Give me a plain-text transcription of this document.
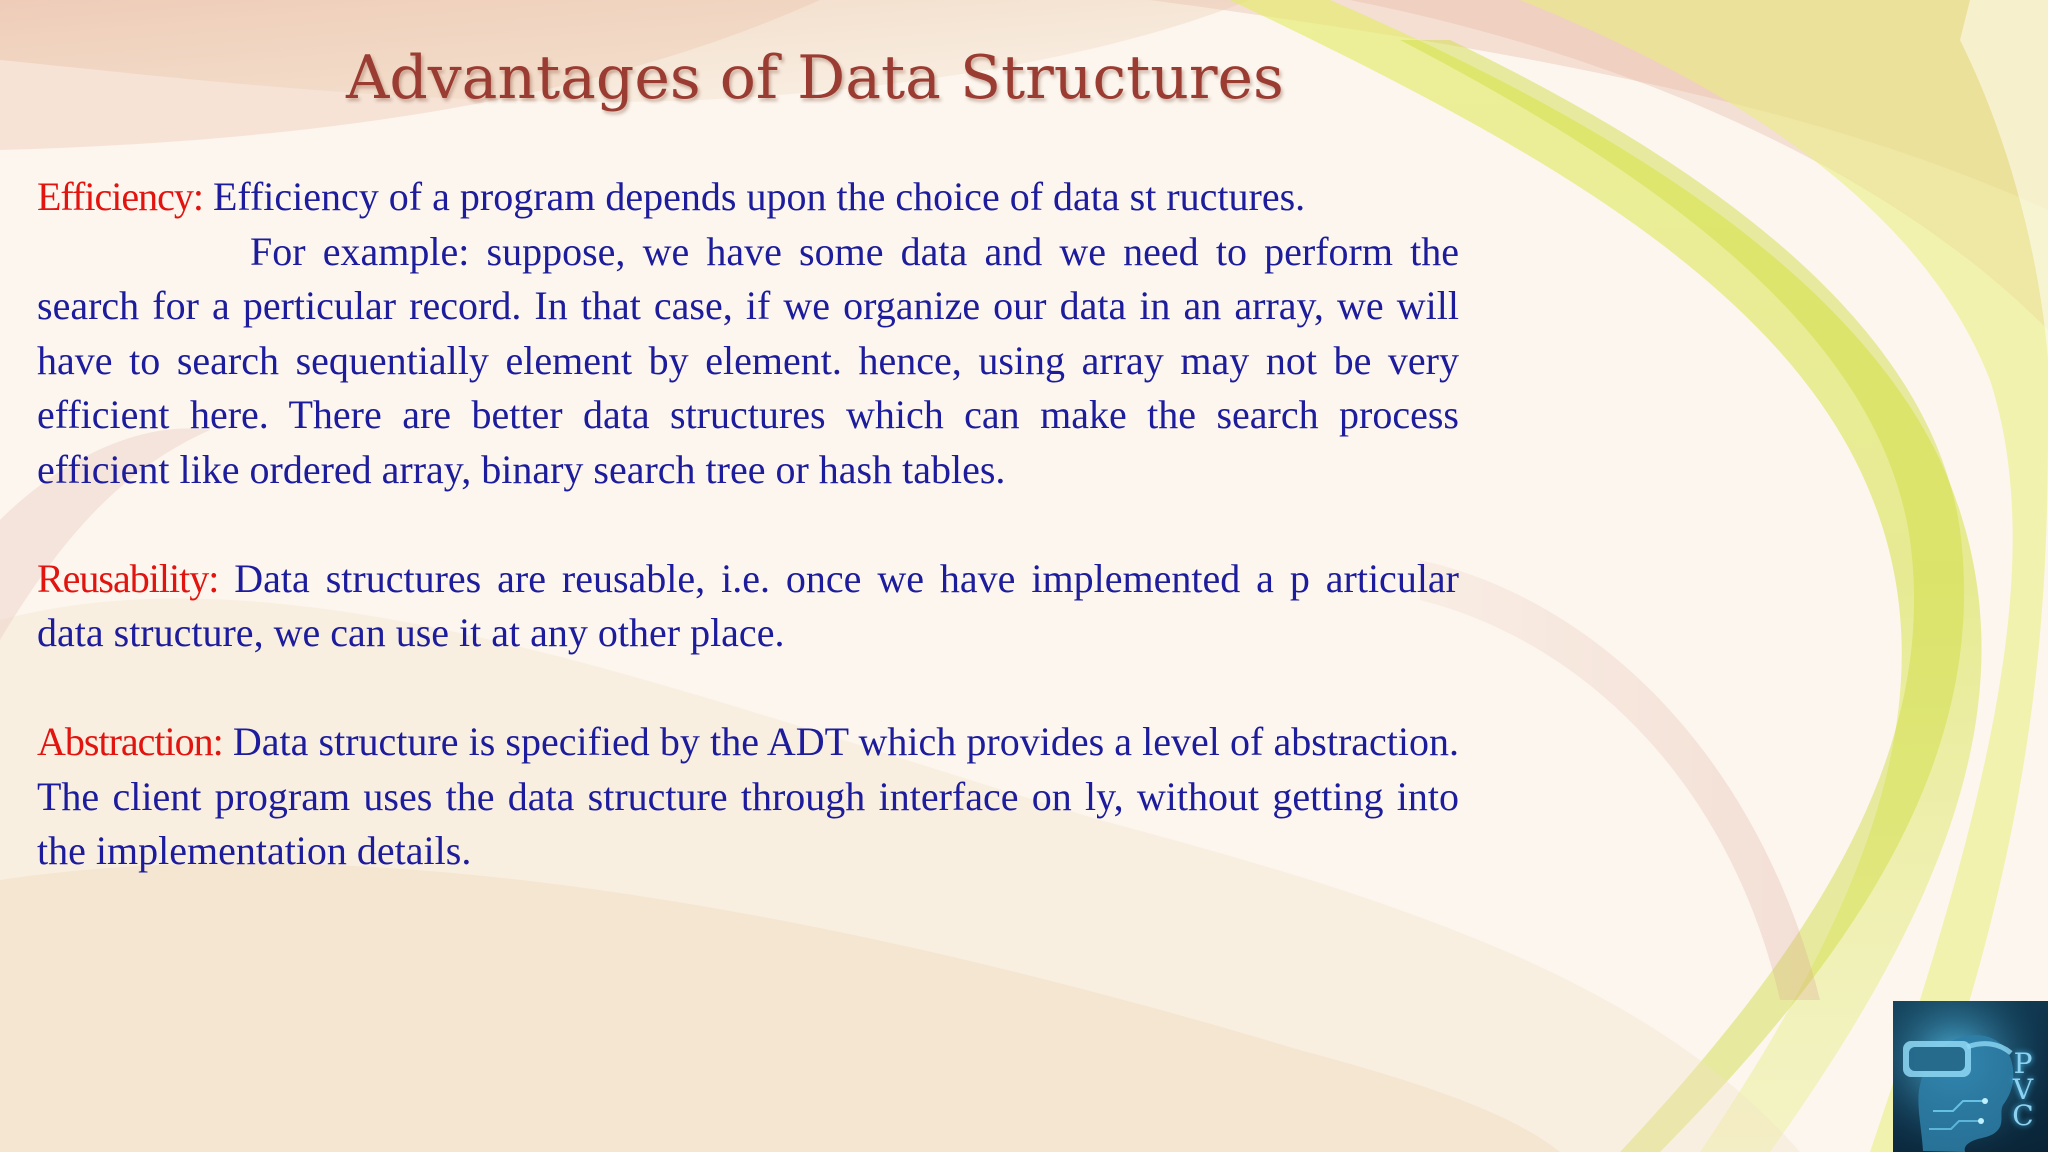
Advantages of Data Structures

Efficiency: Efficiency of a program depends upon the choice of data st ructures.

For example: suppose, we have some data and we need to perform the search for a perticular record. In that case, if we organize our data in an array, we will have to search sequentially element by element. hence, using array may not be very efficient here. There are better data structures which can make the search process efficient like ordered array, binary search tree or hash tables.

Reusability: Data structures are reusable, i.e. once we have implemented a p articular data structure, we can use it at any other place.

Abstraction: Data structure is specified by the ADT which provides a level of abstraction. The client program uses the data structure through interface on ly, without getting into the implementation details.

P
V
C
